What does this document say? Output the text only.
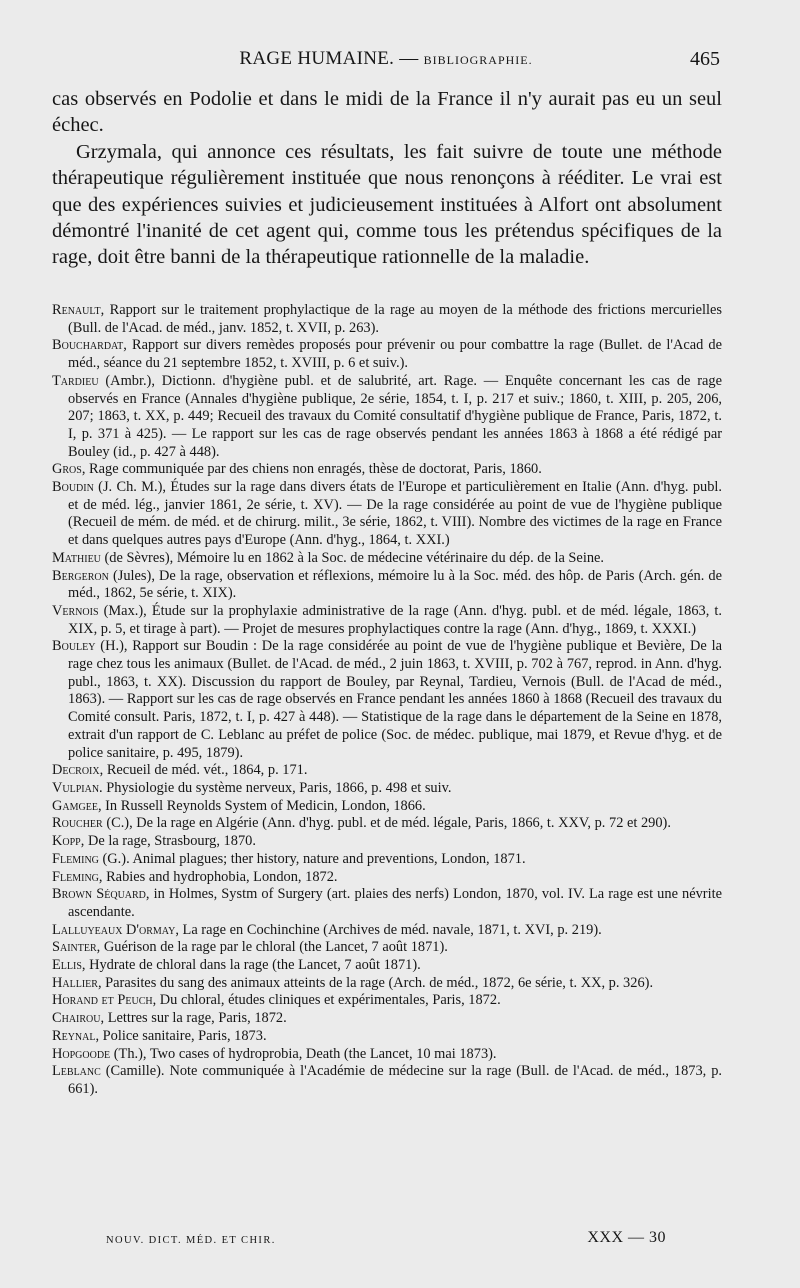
RAGE HUMAINE. — BIBLIOGRAPHIE.	465

cas observés en Podolie et dans le midi de la France il n'y aurait pas eu un seul échec.

Grzymala, qui annonce ces résultats, les fait suivre de toute une méthode thérapeutique régulièrement instituée que nous renonçons à rééditer. Le vrai est que des expériences suivies et judicieusement instituées à Alfort ont absolument démontré l'inanité de cet agent qui, comme tous les prétendus spécifiques de la rage, doit être banni de la thérapeutique rationnelle de la maladie.

Renault, Rapport sur le traitement prophylactique de la rage au moyen de la méthode des frictions mercurielles (Bull. de l'Acad. de méd., janv. 1852, t. XVII, p. 263).

Bouchardat, Rapport sur divers remèdes proposés pour prévenir ou pour combattre la rage (Bullet. de l'Acad de méd., séance du 21 septembre 1852, t. XVIII, p. 6 et suiv.).

Tardieu (Ambr.), Dictionn. d'hygiène publ. et de salubrité, art. Rage. — Enquête concernant les cas de rage observés en France (Annales d'hygiène publique, 2e série, 1854, t. I, p. 217 et suiv.; 1860, t. XIII, p. 205, 206, 207; 1863, t. XX, p. 449; Recueil des travaux du Comité consultatif d'hygiène publique de France, Paris, 1872, t. I, p. 371 à 425). — Le rapport sur les cas de rage observés pendant les années 1863 à 1868 a été rédigé par Bouley (id., p. 427 à 448).

Gros, Rage communiquée par des chiens non enragés, thèse de doctorat, Paris, 1860.

Boudin (J. Ch. M.), Études sur la rage dans divers états de l'Europe et particulièrement en Italie (Ann. d'hyg. publ. et de méd. lég., janvier 1861, 2e série, t. XV). — De la rage considérée au point de vue de l'hygiène publique (Recueil de mém. de méd. et de chirurg. milit., 3e série, 1862, t. VIII). Nombre des victimes de la rage en France et dans quelques autres pays d'Europe (Ann. d'hyg., 1864, t. XXI.)

Mathieu (de Sèvres), Mémoire lu en 1862 à la Soc. de médecine vétérinaire du dép. de la Seine.

Bergeron (Jules), De la rage, observation et réflexions, mémoire lu à la Soc. méd. des hôp. de Paris (Arch. gén. de méd., 1862, 5e série, t. XIX).

Vernois (Max.), Étude sur la prophylaxie administrative de la rage (Ann. d'hyg. publ. et de méd. légale, 1863, t. XIX, p. 5, et tirage à part). — Projet de mesures prophylactiques contre la rage (Ann. d'hyg., 1869, t. XXXI.)

Bouley (H.), Rapport sur Boudin : De la rage considérée au point de vue de l'hygiène publique et Bevière, De la rage chez tous les animaux (Bullet. de l'Acad. de méd., 2 juin 1863, t. XVIII, p. 702 à 767, reprod. in Ann. d'hyg. publ., 1863, t. XX). Discussion du rapport de Bouley, par Reynal, Tardieu, Vernois (Bull. de l'Acad de méd., 1863). — Rapport sur les cas de rage observés en France pendant les années 1860 à 1868 (Recueil des travaux du Comité consult. Paris, 1872, t. I, p. 427 à 448). — Statistique de la rage dans le département de la Seine en 1878, extrait d'un rapport de C. Leblanc au préfet de police (Soc. de médec. publique, mai 1879, et Revue d'hyg. et de police sanitaire, p. 495, 1879).

Decroix, Recueil de méd. vét., 1864, p. 171.

Vulpian. Physiologie du système nerveux, Paris, 1866, p. 498 et suiv.

Gamgee, In Russell Reynolds System of Medicin, London, 1866.

Roucher (C.), De la rage en Algérie (Ann. d'hyg. publ. et de méd. légale, Paris, 1866, t. XXV, p. 72 et 290).

Kopp, De la rage, Strasbourg, 1870.

Fleming (G.). Animal plagues; ther history, nature and preventions, London, 1871.

Fleming, Rabies and hydrophobia, London, 1872.

Brown Séquard, in Holmes, Systm of Surgery (art. plaies des nerfs) London, 1870, vol. IV. La rage est une névrite ascendante.

Lalluyeaux D'ormay, La rage en Cochinchine (Archives de méd. navale, 1871, t. XVI, p. 219).

Sainter, Guérison de la rage par le chloral (the Lancet, 7 août 1871).

Ellis, Hydrate de chloral dans la rage (the Lancet, 7 août 1871).

Hallier, Parasites du sang des animaux atteints de la rage (Arch. de méd., 1872, 6e série, t. XX, p. 326).

Horand et Peuch, Du chloral, études cliniques et expérimentales, Paris, 1872.

Chairou, Lettres sur la rage, Paris, 1872.

Reynal, Police sanitaire, Paris, 1873.

Hopgoode (Th.), Two cases of hydroprobia, Death (the Lancet, 10 mai 1873).

Leblanc (Camille). Note communiquée à l'Académie de médecine sur la rage (Bull. de l'Acad. de méd., 1873, p. 661).

NOUV. DICT. MÉD. ET CHIR.	XXX — 30
